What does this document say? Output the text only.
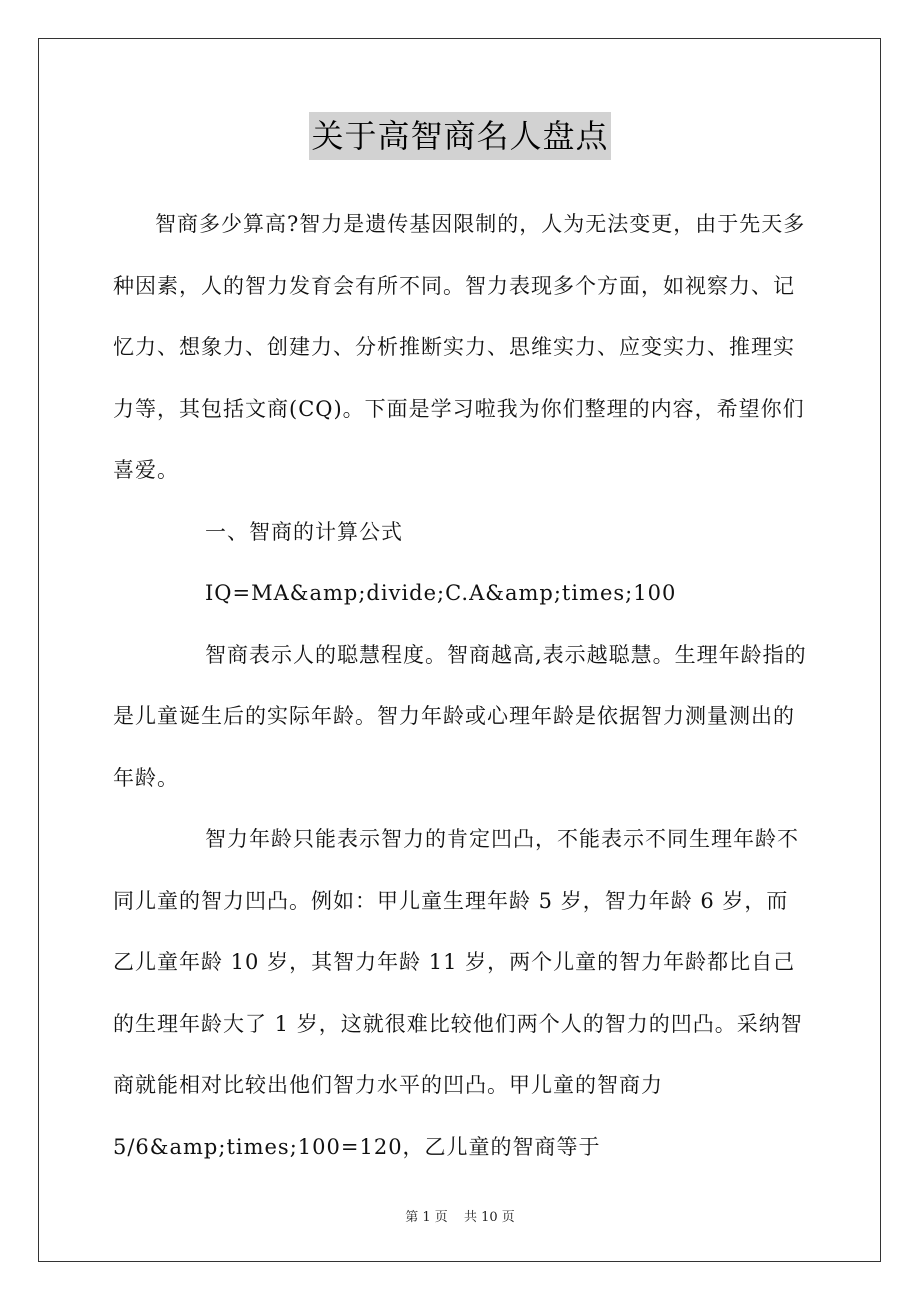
关于高智商名人盘点

智商多少算高?智力是遗传基因限制的，人为无法变更，由于先天多种因素，人的智力发育会有所不同。智力表现多个方面，如视察力、记忆力、想象力、创建力、分析推断实力、思维实力、应变实力、推理实力等，其包括文商(CQ)。下面是学习啦我为你们整理的内容，希望你们喜爱。

一、智商的计算公式

IQ=MA&amp;divide;C.A&amp;times;100

智商表示人的聪慧程度。智商越高,表示越聪慧。生理年龄指的是儿童诞生后的实际年龄。智力年龄或心理年龄是依据智力测量测出的年龄。

智力年龄只能表示智力的肯定凹凸，不能表示不同生理年龄不同儿童的智力凹凸。例如：甲儿童生理年龄 5 岁，智力年龄 6 岁，而乙儿童年龄 10 岁，其智力年龄 11 岁，两个儿童的智力年龄都比自己的生理年龄大了 1 岁，这就很难比较他们两个人的智力的凹凸。采纳智商就能相对比较出他们智力水平的凹凸。甲儿童的智商力

5/6&amp;times;100=120，乙儿童的智商等于

第 1 页 共 10 页
